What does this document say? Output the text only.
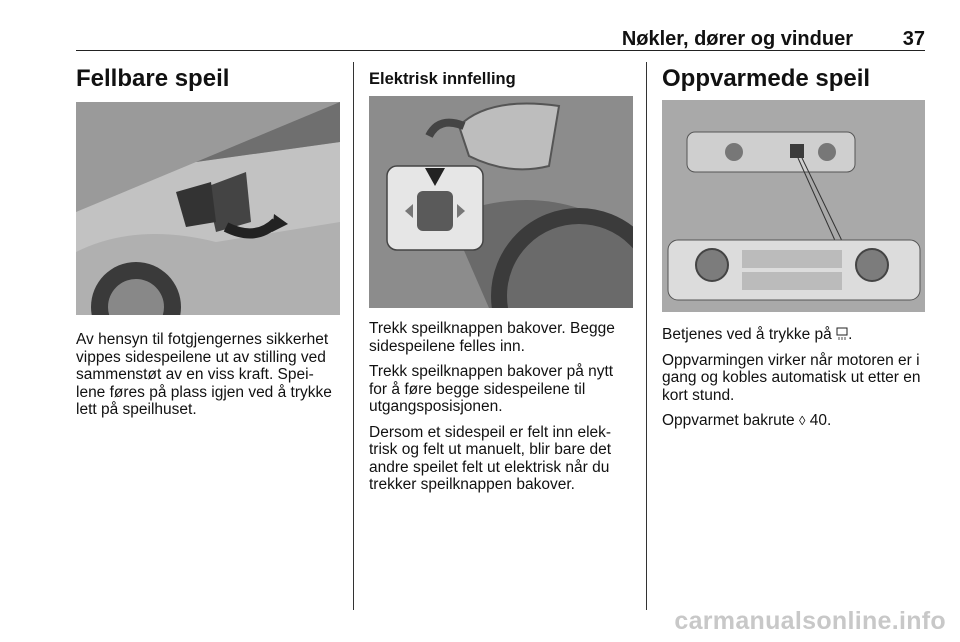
Nøkler, dører og vinduer 37
Fellbare speil

Av hensyn til fotgjengernes sikkerhet vippes sidespeilene ut av stilling ved sammenstøt av en viss kraft. Spei- lene føres på plass igjen ved å trykke lett på speilhuset.

Elektrisk innfelling

Trekk speilknappen bakover. Begge sidespeilene felles inn.

Trekk speilknappen bakover på nytt for å føre begge sidespeilene til utgangsposisjonen.

Dersom et sidespeil er felt inn elek- trisk og felt ut manuelt, blir bare det andre speilet felt ut elektrisk når du trekker speilknappen bakover.

Oppvarmede speil

Betjenes ved å trykke på .

Oppvarmingen virker når motoren er i gang og kobles automatisk ut etter en kort stund.

Oppvarmet bakrute ◊ 40.

carmanualsonline.info
